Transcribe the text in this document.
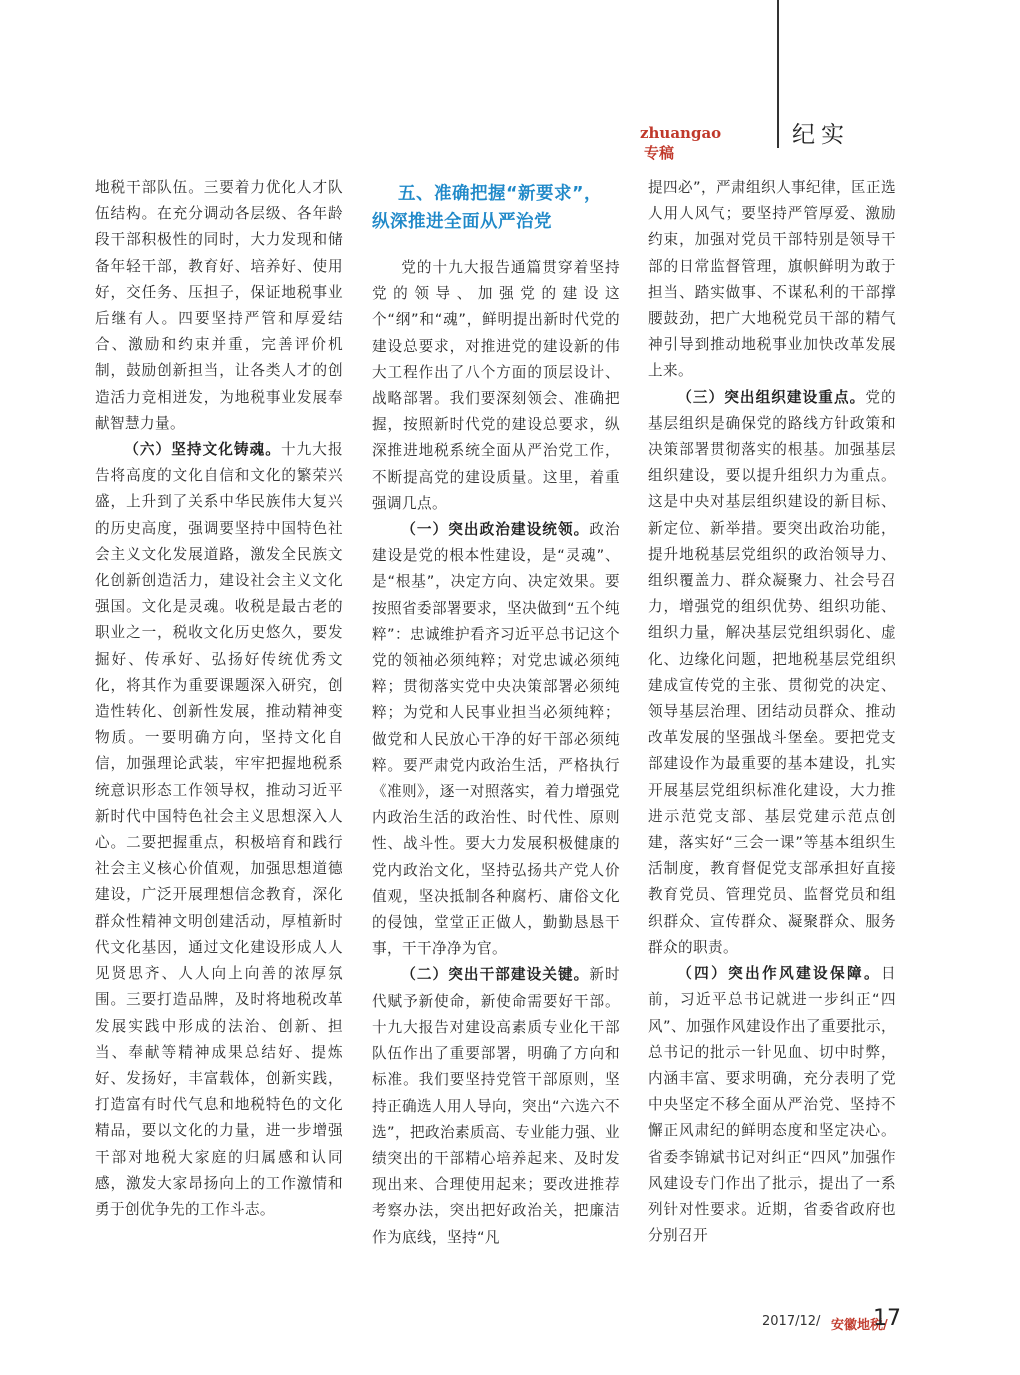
zhuangao专稿
纪实

地税干部队伍。三要着力优化人才队伍结构。在充分调动各层级、各年龄段干部积极性的同时，大力发现和储备年轻干部，教育好、培养好、使用好，交任务、压担子，保证地税事业后继有人。四要坚持严管和厚爱结合、激励和约束并重，完善评价机制，鼓励创新担当，让各类人才的创造活力竞相迸发，为地税事业发展奉献智慧力量。

（六）坚持文化铸魂。十九大报告将高度的文化自信和文化的繁荣兴盛，上升到了关系中华民族伟大复兴的历史高度，强调要坚持中国特色社会主义文化发展道路，激发全民族文化创新创造活力，建设社会主义文化强国。文化是灵魂。收税是最古老的职业之一，税收文化历史悠久，要发掘好、传承好、弘扬好传统优秀文化，将其作为重要课题深入研究，创造性转化、创新性发展，推动精神变物质。一要明确方向，坚持文化自信，加强理论武装，牢牢把握地税系统意识形态工作领导权，推动习近平新时代中国特色社会主义思想深入人心。二要把握重点，积极培育和践行社会主义核心价值观，加强思想道德建设，广泛开展理想信念教育，深化群众性精神文明创建活动，厚植新时代文化基因，通过文化建设形成人人见贤思齐、人人向上向善的浓厚氛围。三要打造品牌，及时将地税改革发展实践中形成的法治、创新、担当、奉献等精神成果总结好、提炼好、发扬好，丰富载体，创新实践，打造富有时代气息和地税特色的文化精品，要以文化的力量，进一步增强干部对地税大家庭的归属感和认同感，激发大家昂扬向上的工作激情和勇于创优争先的工作斗志。

五、准确把握“新要求”，
纵深推进全面从严治党

党的十九大报告通篇贯穿着坚持党的领导、加强党的建设这个“纲”和“魂”，鲜明提出新时代党的建设总要求，对推进党的建设新的伟大工程作出了八个方面的顶层设计、战略部署。我们要深刻领会、准确把握，按照新时代党的建设总要求，纵深推进地税系统全面从严治党工作，不断提高党的建设质量。这里，着重强调几点。

（一）突出政治建设统领。政治建设是党的根本性建设，是“灵魂”、是“根基”，决定方向、决定效果。要按照省委部署要求，坚决做到“五个纯粹”：忠诚维护看齐习近平总书记这个党的领袖必须纯粹；对党忠诚必须纯粹；贯彻落实党中央决策部署必须纯粹；为党和人民事业担当必须纯粹；做党和人民放心干净的好干部必须纯粹。要严肃党内政治生活，严格执行《准则》，逐一对照落实，着力增强党内政治生活的政治性、时代性、原则性、战斗性。要大力发展积极健康的党内政治文化，坚持弘扬共产党人价值观，坚决抵制各种腐朽、庸俗文化的侵蚀，堂堂正正做人，勤勤恳恳干事，干干净净为官。

（二）突出干部建设关键。新时代赋予新使命，新使命需要好干部。十九大报告对建设高素质专业化干部队伍作出了重要部署，明确了方向和标准。我们要坚持党管干部原则，坚持正确选人用人导向，突出“六选六不选”，把政治素质高、专业能力强、业绩突出的干部精心培养起来、及时发现出来、合理使用起来；要改进推荐考察办法，突出把好政治关，把廉洁作为底线，坚持“凡

提四必”，严肃组织人事纪律，匡正选人用人风气；要坚持严管厚爱、激励约束，加强对党员干部特别是领导干部的日常监督管理，旗帜鲜明为敢于担当、踏实做事、不谋私利的干部撑腰鼓劲，把广大地税党员干部的精气神引导到推动地税事业加快改革发展上来。

（三）突出组织建设重点。党的基层组织是确保党的路线方针政策和决策部署贯彻落实的根基。加强基层组织建设，要以提升组织力为重点。这是中央对基层组织建设的新目标、新定位、新举措。要突出政治功能，提升地税基层党组织的政治领导力、组织覆盖力、群众凝聚力、社会号召力，增强党的组织优势、组织功能、组织力量，解决基层党组织弱化、虚化、边缘化问题，把地税基层党组织建成宣传党的主张、贯彻党的决定、领导基层治理、团结动员群众、推动改革发展的坚强战斗堡垒。要把党支部建设作为最重要的基本建设，扎实开展基层党组织标准化建设，大力推进示范党支部、基层党建示范点创建，落实好“三会一课”等基本组织生活制度，教育督促党支部承担好直接教育党员、管理党员、监督党员和组织群众、宣传群众、凝聚群众、服务群众的职责。

（四）突出作风建设保障。日前，习近平总书记就进一步纠正“四风”、加强作风建设作出了重要批示，总书记的批示一针见血、切中时弊，内涵丰富、要求明确，充分表明了党中央坚定不移全面从严治党、坚持不懈正风肃纪的鲜明态度和坚定决心。省委李锦斌书记对纠正“四风”加强作风建设专门作出了批示，提出了一系列针对性要求。近期，省委省政府也分别召开

2017/12/ 安徽地税/
17
